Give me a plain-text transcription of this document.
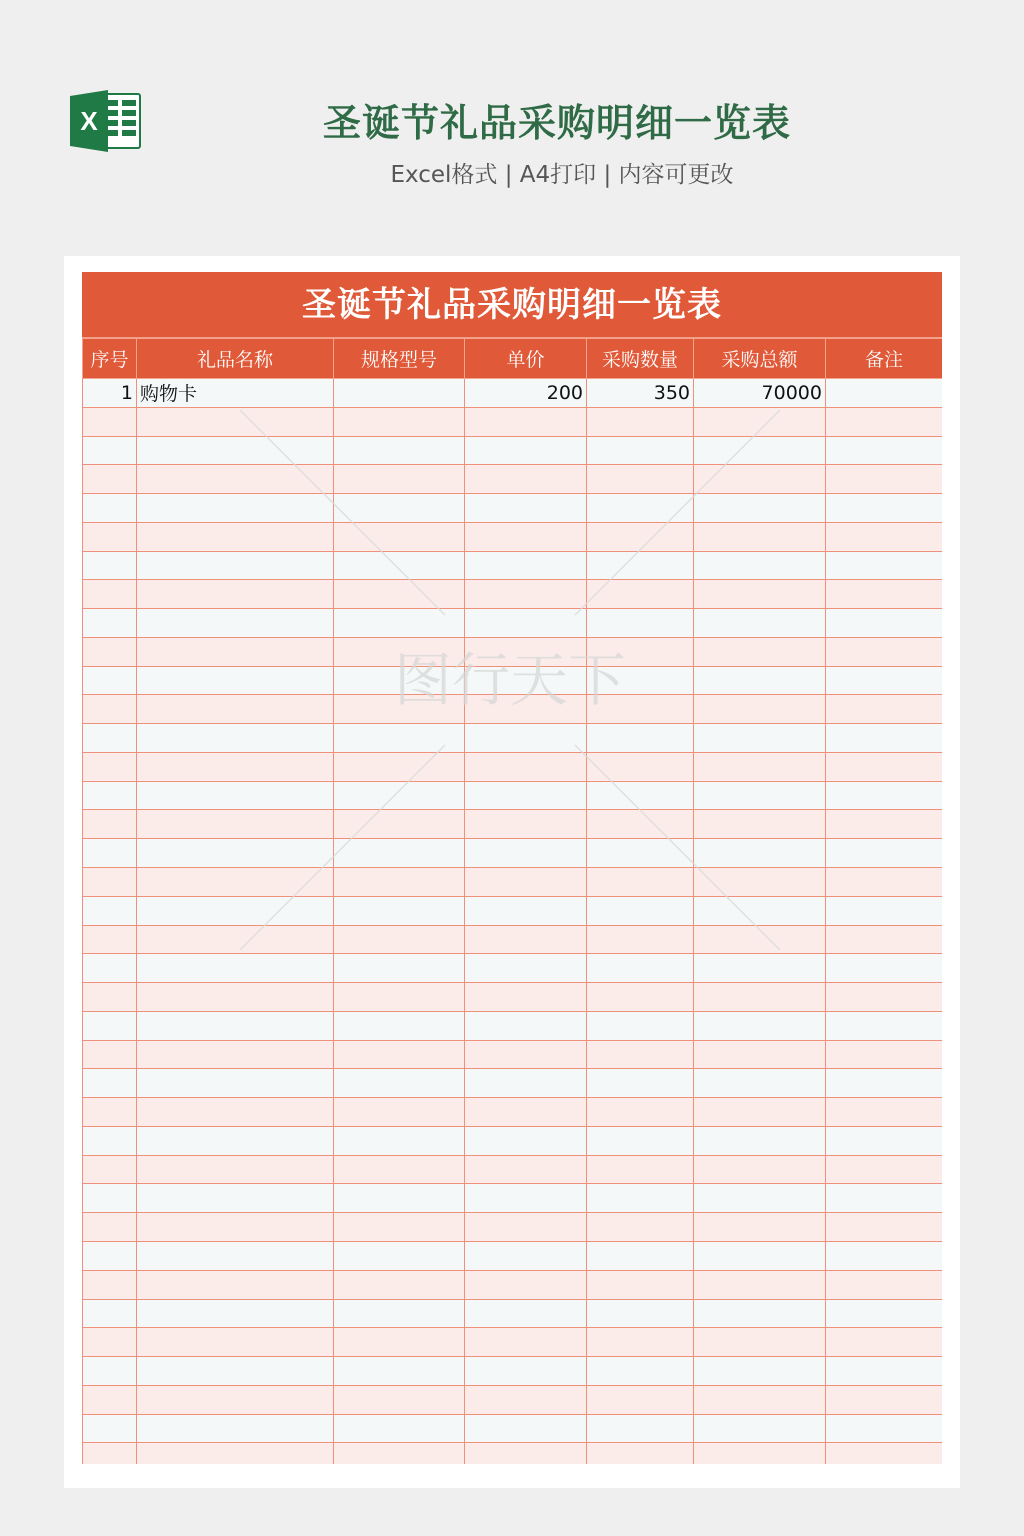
X	圣诞节礼品采购明细一览表
Excel格式 | A4打印 | 内容可更改
圣诞节礼品采购明细一览表
序号	礼品名称	规格型号	单价	采购数量	采购总额	备注
1	购物卡		200	350	70000	

图行天下
